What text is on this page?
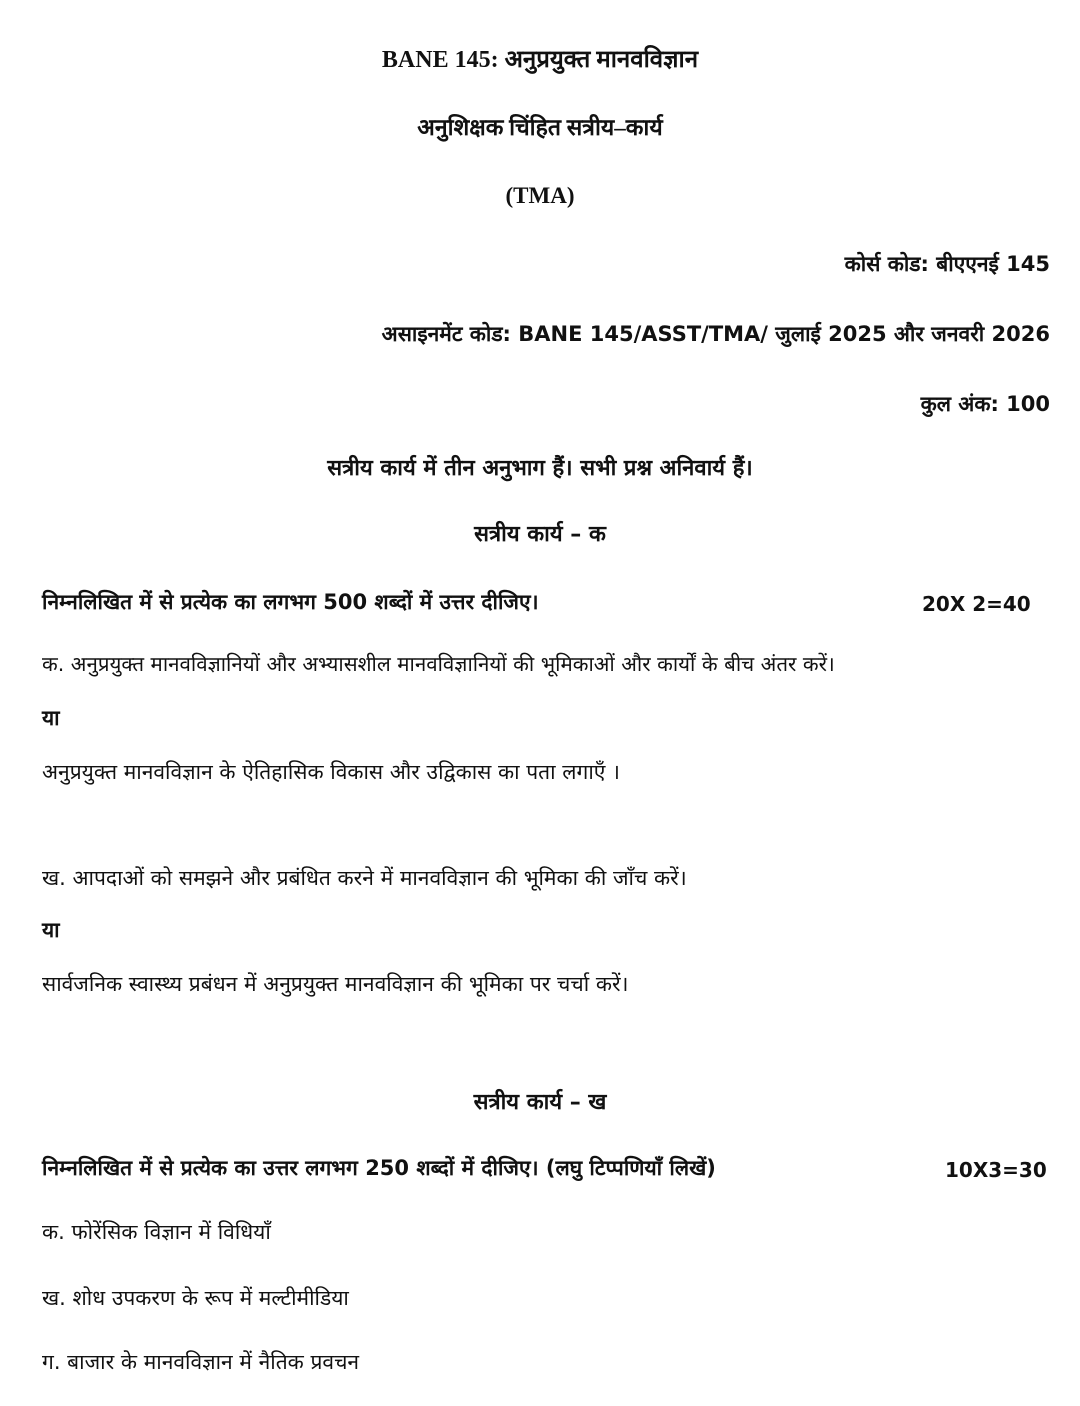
BANE 145: अनुप्रयुक्त मानवविज्ञान
अनुशिक्षक चिंहित सत्रीय–कार्य
(TMA)
कोर्स कोड: बीएएनई 145
असाइनमेंट कोड: BANE 145/ASST/TMA/ जुलाई 2025 और जनवरी 2026
कुल अंक: 100
सत्रीय कार्य में तीन अनुभाग हैं। सभी प्रश्न अनिवार्य हैं।
सत्रीय कार्य – क
निम्नलिखित में से प्रत्येक का लगभग 500 शब्दों में उत्तर दीजिए।	20X 2=40
क. अनुप्रयुक्त मानवविज्ञानियों और अभ्यासशील मानवविज्ञानियों की भूमिकाओं और कार्यों के बीच अंतर करें।
या
अनुप्रयुक्त मानवविज्ञान के ऐतिहासिक विकास और उद्विकास का पता लगाएँ ।
ख. आपदाओं को समझने और प्रबंधित करने में मानवविज्ञान की भूमिका की जाँच करें।
या
सार्वजनिक स्वास्थ्य प्रबंधन में अनुप्रयुक्त मानवविज्ञान की भूमिका पर चर्चा करें।
सत्रीय कार्य – ख
निम्नलिखित में से प्रत्येक का उत्तर लगभग 250 शब्दों में दीजिए। (लघु टिप्पणियाँ लिखें)	10X3=30
क. फोरेंसिक विज्ञान में विधियाँ
ख. शोध उपकरण के रूप में मल्टीमीडिया
ग. बाजार के मानवविज्ञान में नैतिक प्रवचन
